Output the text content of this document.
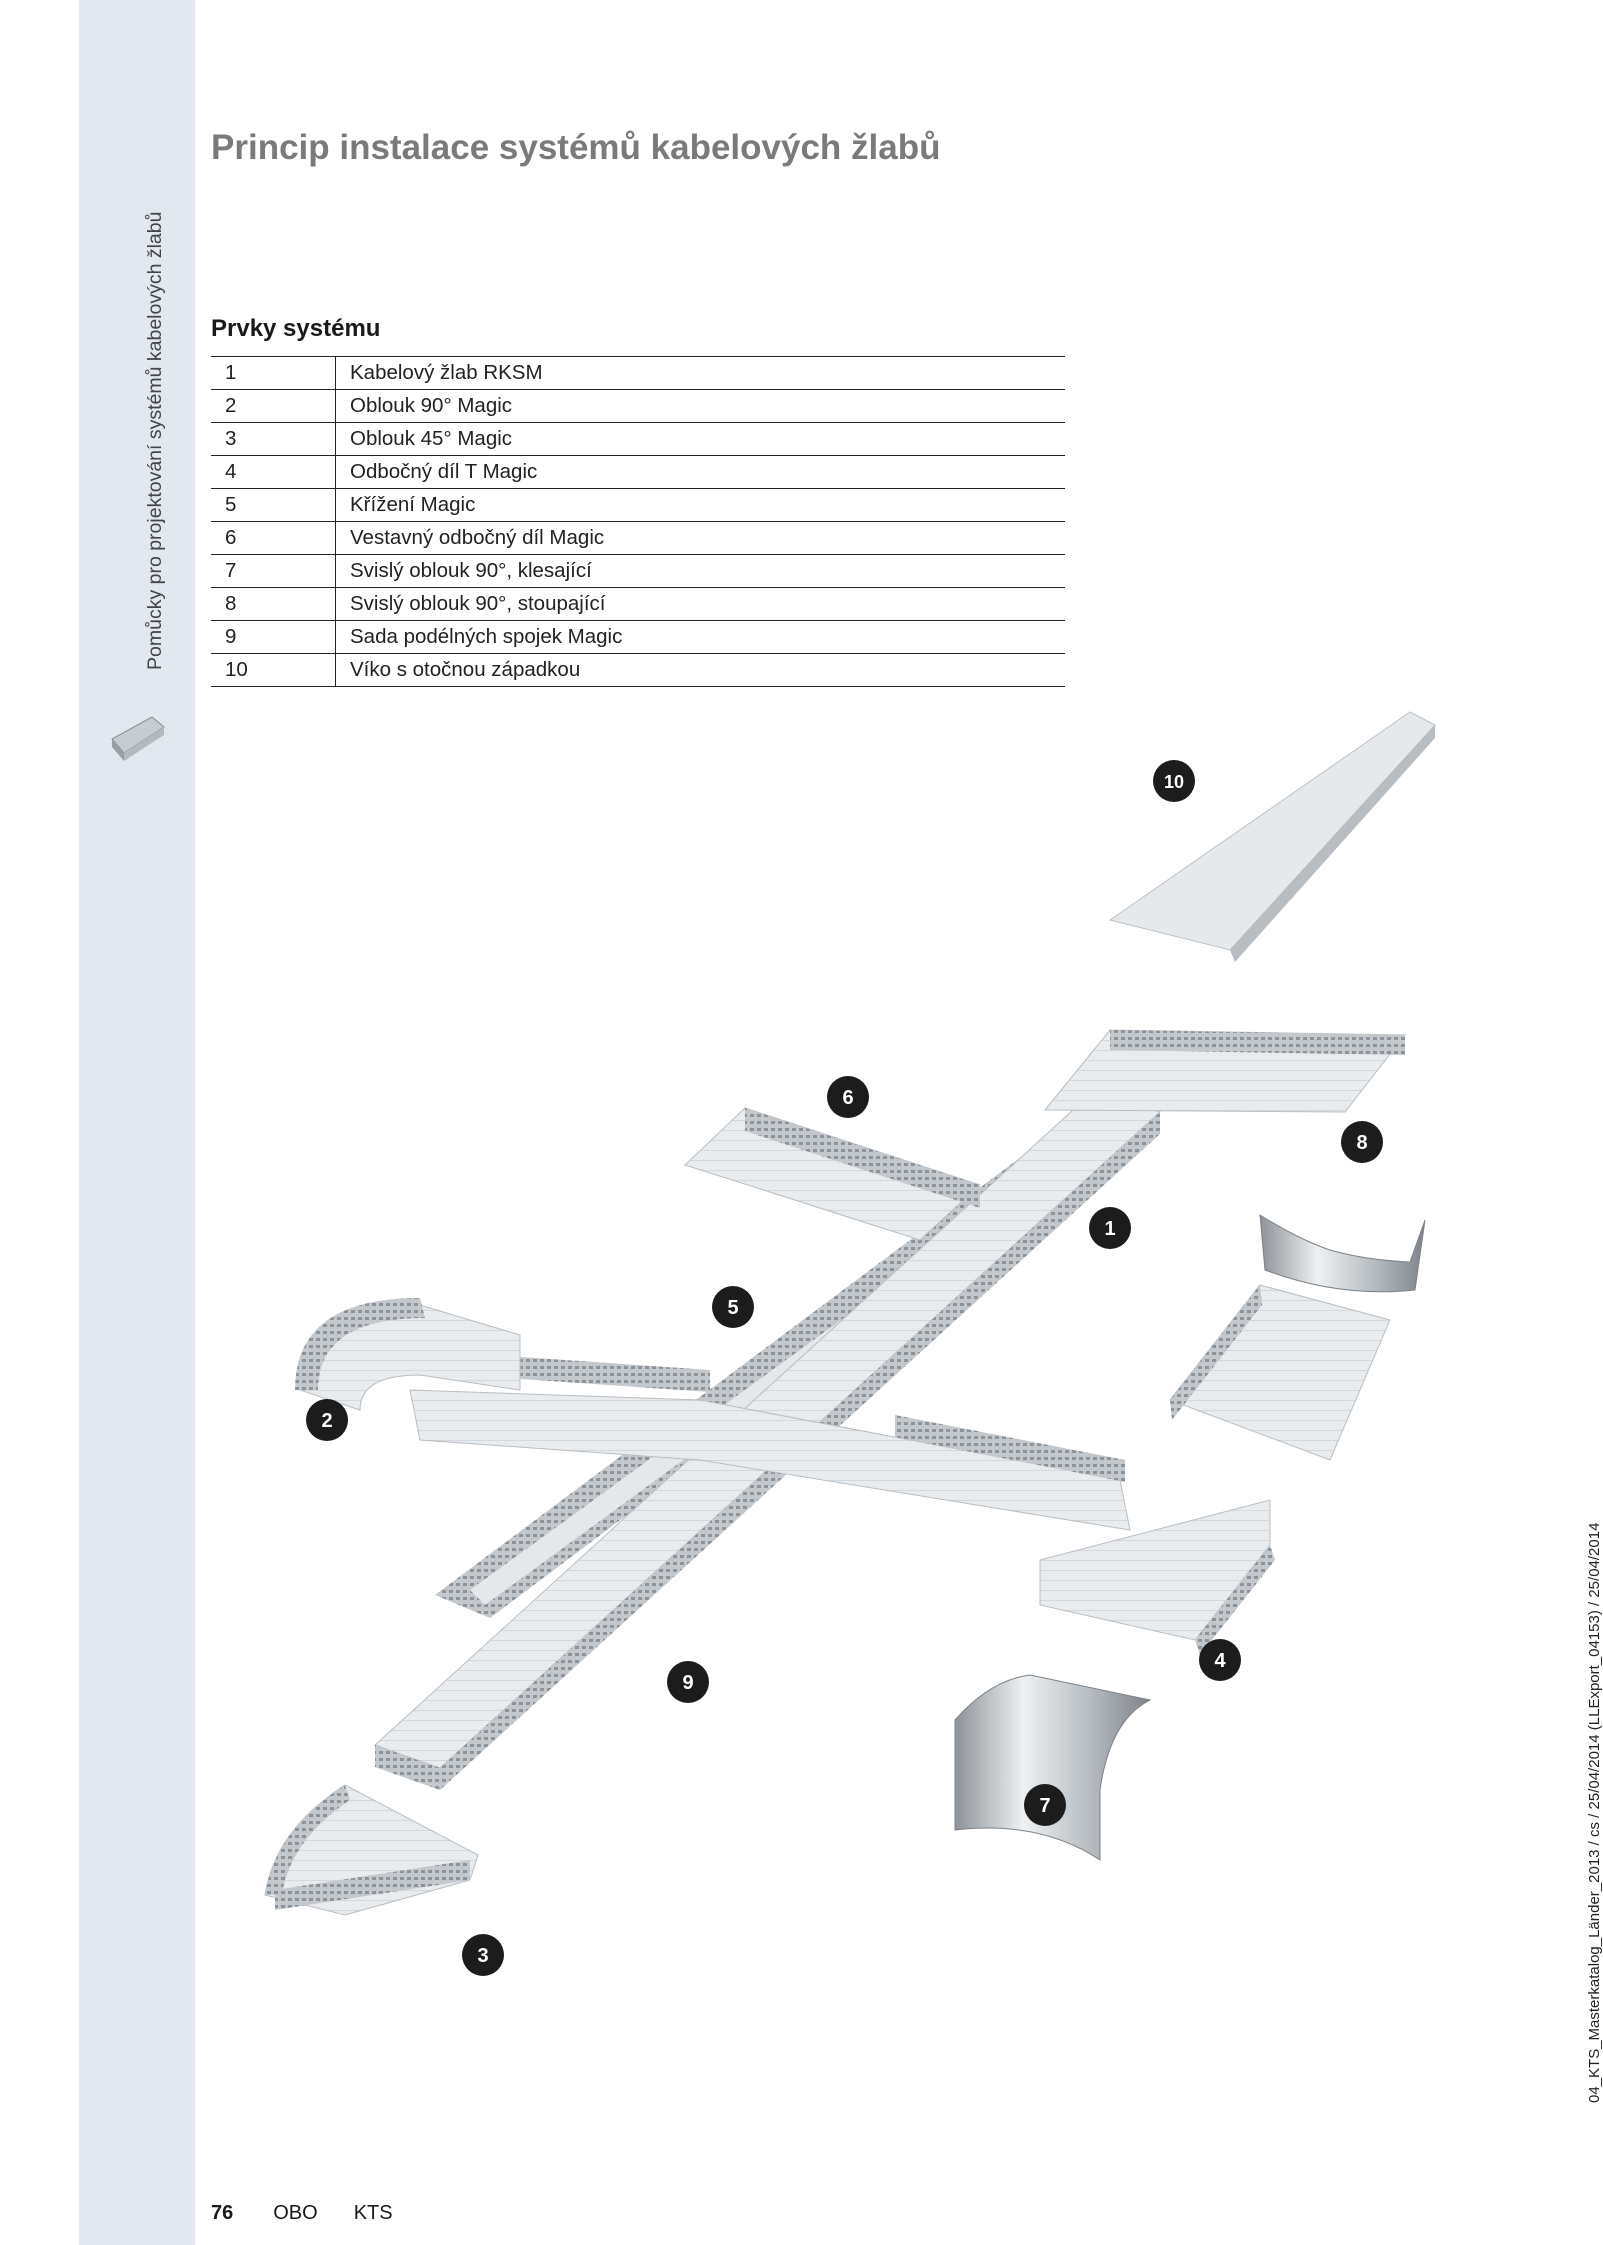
Pomůcky pro projektování systémů kabelových žlabů
Princip instalace systémů kabelových žlabů
Prvky systému
1	Kabelový žlab RKSM
2	Oblouk 90° Magic
3	Oblouk 45° Magic
4	Odbočný díl T Magic
5	Křížení Magic
6	Vestavný odbočný díl Magic
7	Svislý oblouk 90°, klesající
8	Svislý oblouk 90°, stoupající
9	Sada podélných spojek Magic
10	Víko s otočnou západkou
1
2
3
4
5
6
7
8
9
10
76 OBO KTS
04_KTS_Masterkatalog_Länder_2013 / cs / 25/04/2014 (LLExport_04153) / 25/04/2014
